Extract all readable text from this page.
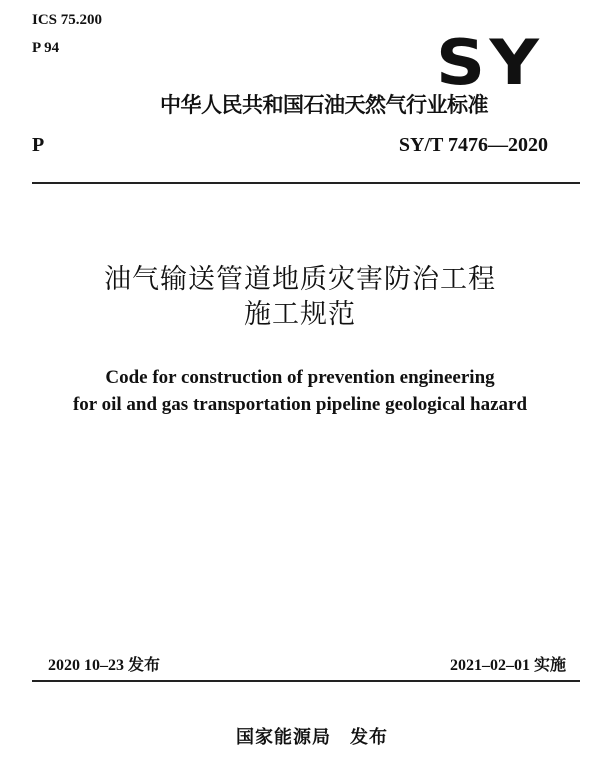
ICS 75.200
P 94	SY
中华人民共和国石油天然气行业标准
P	SY/T 7476—2020
油气输送管道地质灾害防治工程
施工规范
Code for construction of prevention engineering
for oil and gas transportation pipeline geological hazard
2020 10–23 发布	2021–02–01 实施
国家能源局　发布
